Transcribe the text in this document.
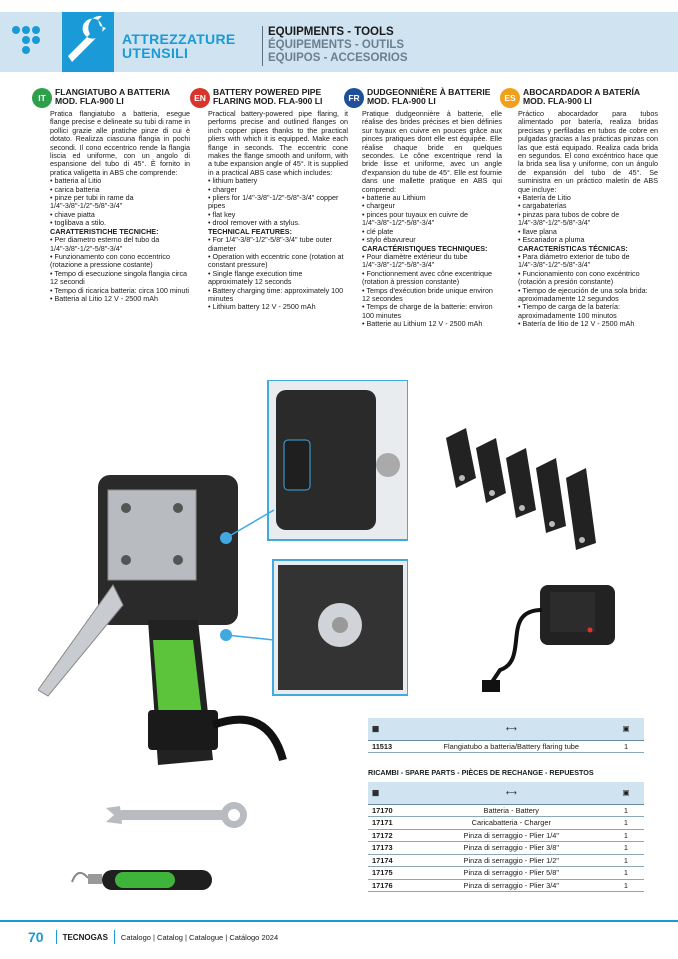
ATTREZZATURE
UTENSILI
EQUIPMENTS - TOOLS
ÉQUIPEMENTS - OUTILS
EQUIPOS - ACCESORIOS
IT
FLANGIATUBO A BATTERIA MOD. FLA-900 LI

Pratica flangiatubo a batteria, esegue flange precise e delineate su tubi di rame in pollici grazie alle pratiche pinze di cui è dotato. Realizza ciascuna flangia in pochi secondi. Il cono eccentrico rende la flangia liscia ed uniforme, con un angolo di espansione del tubo di 45°. È fornito in pratica valigetta in ABS che comprende:

• batteria al Litio
• carica batteria
• pinze per tubi in rame da 1/4"-3/8"-1/2"-5/8"-3/4"
• chiave piatta
• toglibava a stilo.
CARATTERISTICHE TECNICHE:
• Per diametro esterno del tubo da 1/4"-3/8"-1/2"-5/8"-3/4"
• Funzionamento con cono eccentrico (rotazione a pressione costante)
• Tempo di esecuzione singola flangia circa 12 secondi
• Tempo di ricarica batteria: circa 100 minuti
• Batteria al Litio 12 V - 2500 mAh
EN
BATTERY POWERED PIPE FLARING MOD. FLA-900 LI

Practical battery-powered pipe flaring, it performs precise and outlined flanges on inch copper pipes thanks to the practical pliers with which it is equipped. Make each flange in seconds. The eccentric cone makes the flange smooth and uniform, with a tube expansion angle of 45°. It is supplied in a practical ABS case which includes:

• lithium battery
• charger
• pliers for 1/4"-3/8"-1/2"-5/8"-3/4" copper pipes
• flat key
• drool remover with a stylus.
TECHNICAL FEATURES:
• For 1/4"-3/8"-1/2"-5/8"-3/4" tube outer diameter
• Operation with eccentric cone (rotation at constant pressure)
• Single flange execution time approximately 12 seconds
• Battery charging time: approximately 100 minutes
• Lithium battery 12 V - 2500 mAh
FR
DUDGEONNIÈRE À BATTERIE MOD. FLA-900 LI

Pratique dudgeonnière à batterie, elle réalise des brides précises et bien définies sur tuyaux en cuivre en pouces grâce aux pinces pratiques dont elle est équipée. Elle réalise chaque bride en quelques secondes. Le cône excentrique rend la bride lisse et uniforme, avec un angle d'expansion du tube de 45°. Elle est fournie dans une mallette pratique en ABS qui comprend:

• batterie au Lithium
• chargeur
• pinces pour tuyaux en cuivre de 1/4"-3/8"-1/2"-5/8"-3/4"
• clé plate
• stylo ébavureur
CARACTÉRISTIQUES TECHNIQUES:
• Pour diamètre extérieur du tube 1/4"-3/8"-1/2"-5/8"-3/4"
• Fonctionnement avec cône excentrique (rotation à pression constante)
• Temps d'exécution bride unique environ 12 secondes
• Temps de charge de la batterie: environ 100 minutes
• Batterie au Lithium 12 V - 2500 mAh
ES
ABOCARDADOR A BATERÍA MOD. FLA-900 LI

Práctico abocardador para tubos alimentado por batería, realiza bridas precisas y perfiladas en tubos de cobre en pulgadas gracias a las prácticas pinzas con las que está equipado. Realiza cada brida en segundos. El cono excéntrico hace que la brida sea lisa y uniforme, con un ángulo de expansión del tubo de 45°. Se suministra en un práctico maletín de ABS que incluye:

• Batería de Litio
• cargabaterías
• pinzas para tubos de cobre de 1/4"-3/8"-1/2"-5/8"-3/4"
• llave plana
• Escariador a pluma
CARACTERÍSTICAS TÉCNICAS:
• Para diámetro exterior de tubo de 1/4"-3/8"-1/2"-5/8"-3/4"
• Funcionamiento con cono excéntrico (rotación a presión constante)
• Tiempo de ejecución de una sola brida: aproximadamente 12 segundos
• Tiempo de carga de la batería: aproximadamente 100 minutos
• Batería de litio de 12 V - 2500 mAh
▦	⟷	▣
11513	Flangiatubo a batteria/Battery flaring tube	1
RICAMBI - SPARE PARTS - PIÈCES DE RECHANGE - REPUESTOS
▦	⟷	▣
17170	Batteria - Battery	1
17171	Caricabatteria - Charger	1
17172	Pinza di serraggio - Plier 1/4"	1
17173	Pinza di serraggio - Plier 3/8"	1
17174	Pinza di serraggio - Plier 1/2"	1
17175	Pinza di serraggio - Plier 5/8"	1
17176	Pinza di serraggio - Plier 3/4"	1
70 TECNOGAS Catalogo | Catalog | Catalogue | Catálogo 2024
